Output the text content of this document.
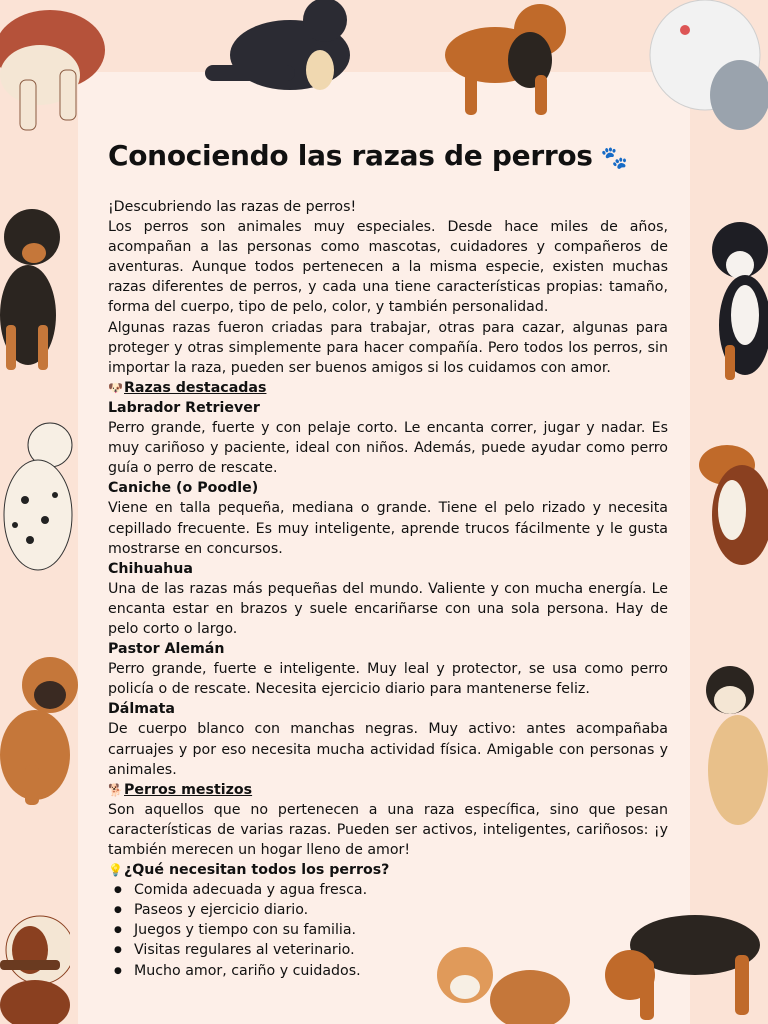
Conociendo las razas de perros 🐾

¡Descubriendo las razas de perros!

Los perros son animales muy especiales. Desde hace miles de años, acompañan a las personas como mascotas, cuidadores y compañeros de aventuras. Aunque todos pertenecen a la misma especie, existen muchas razas diferentes de perros, y cada una tiene características propias: tamaño, forma del cuerpo, tipo de pelo, color, y también personalidad.

Algunas razas fueron criadas para trabajar, otras para cazar, algunas para proteger y otras simplemente para hacer compañía. Pero todos los perros, sin importar la raza, pueden ser buenos amigos si los cuidamos con amor.

🐶Razas destacadas

Labrador Retriever

Perro grande, fuerte y con pelaje corto. Le encanta correr, jugar y nadar. Es muy cariñoso y paciente, ideal con niños. Además, puede ayudar como perro guía o perro de rescate.

Caniche (o Poodle)

Viene en talla pequeña, mediana o grande. Tiene el pelo rizado y necesita cepillado frecuente. Es muy inteligente, aprende trucos fácilmente y le gusta mostrarse en concursos.

Chihuahua

Una de las razas más pequeñas del mundo. Valiente y con mucha energía. Le encanta estar en brazos y suele encariñarse con una sola persona. Hay de pelo corto o largo.

Pastor Alemán

Perro grande, fuerte e inteligente. Muy leal y protector, se usa como perro policía o de rescate. Necesita ejercicio diario para mantenerse feliz.

Dálmata

De cuerpo blanco con manchas negras. Muy activo: antes acompañaba carruajes y por eso necesita mucha actividad física. Amigable con personas y animales.

🐕Perros mestizos

Son aquellos que no pertenecen a una raza específica, sino que pesan características de varias razas. Pueden ser activos, inteligentes, cariñosos: ¡y también merecen un hogar lleno de amor!

💡¿Qué necesitan todos los perros?

● Comida adecuada y agua fresca.
● Paseos y ejercicio diario.
● Juegos y tiempo con su familia.
● Visitas regulares al veterinario.
● Mucho amor, cariño y cuidados.
